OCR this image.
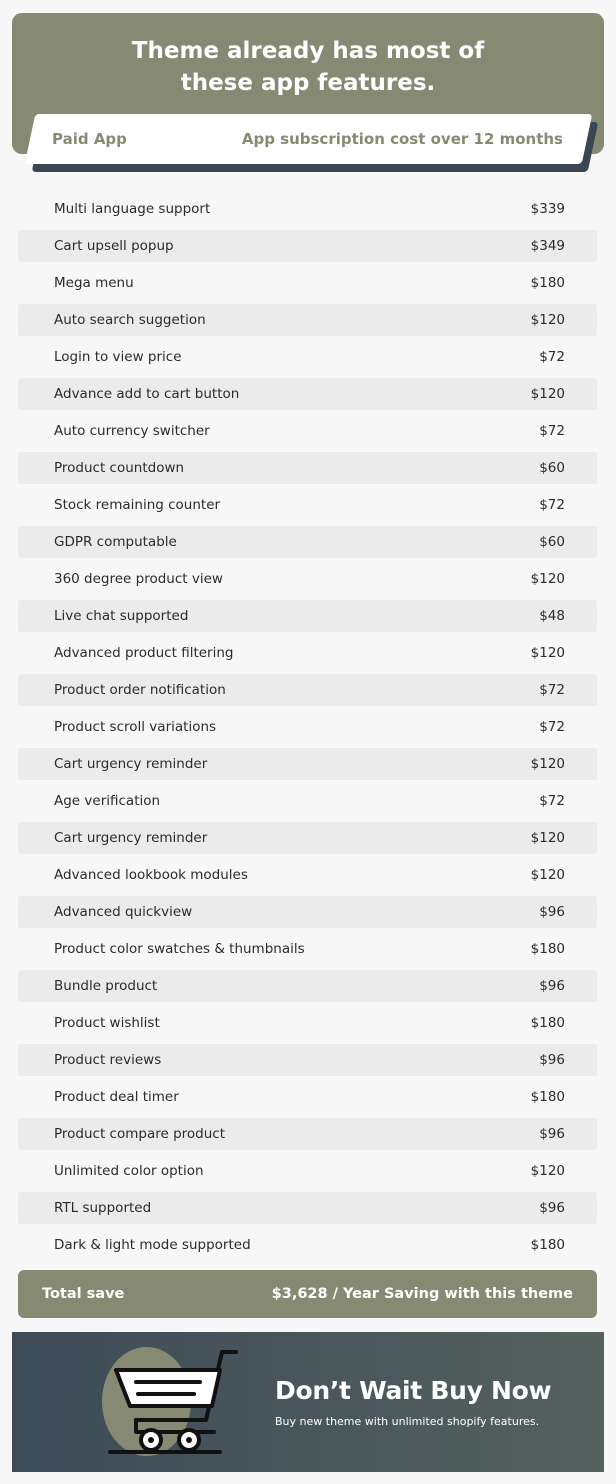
Theme already has most of these app features.
Paid App	App subscription cost over 12 months
Multi language support	$339
Cart upsell popup	$349
Mega menu	$180
Auto search suggetion	$120
Login to view price	$72
Advance add to cart button	$120
Auto currency switcher	$72
Product countdown	$60
Stock remaining counter	$72
GDPR computable	$60
360 degree product view	$120
Live chat supported	$48
Advanced product filtering	$120
Product order notification	$72
Product scroll variations	$72
Cart urgency reminder	$120
Age verification	$72
Cart urgency reminder	$120
Advanced lookbook modules	$120
Advanced quickview	$96
Product color swatches & thumbnails	$180
Bundle product	$96
Product wishlist	$180
Product reviews	$96
Product deal timer	$180
Product compare product	$96
Unlimited color option	$120
RTL supported	$96
Dark & light mode supported	$180
Total save	$3,628 / Year Saving with this theme
Don’t Wait Buy Now
Buy new theme with unlimited shopify features.
